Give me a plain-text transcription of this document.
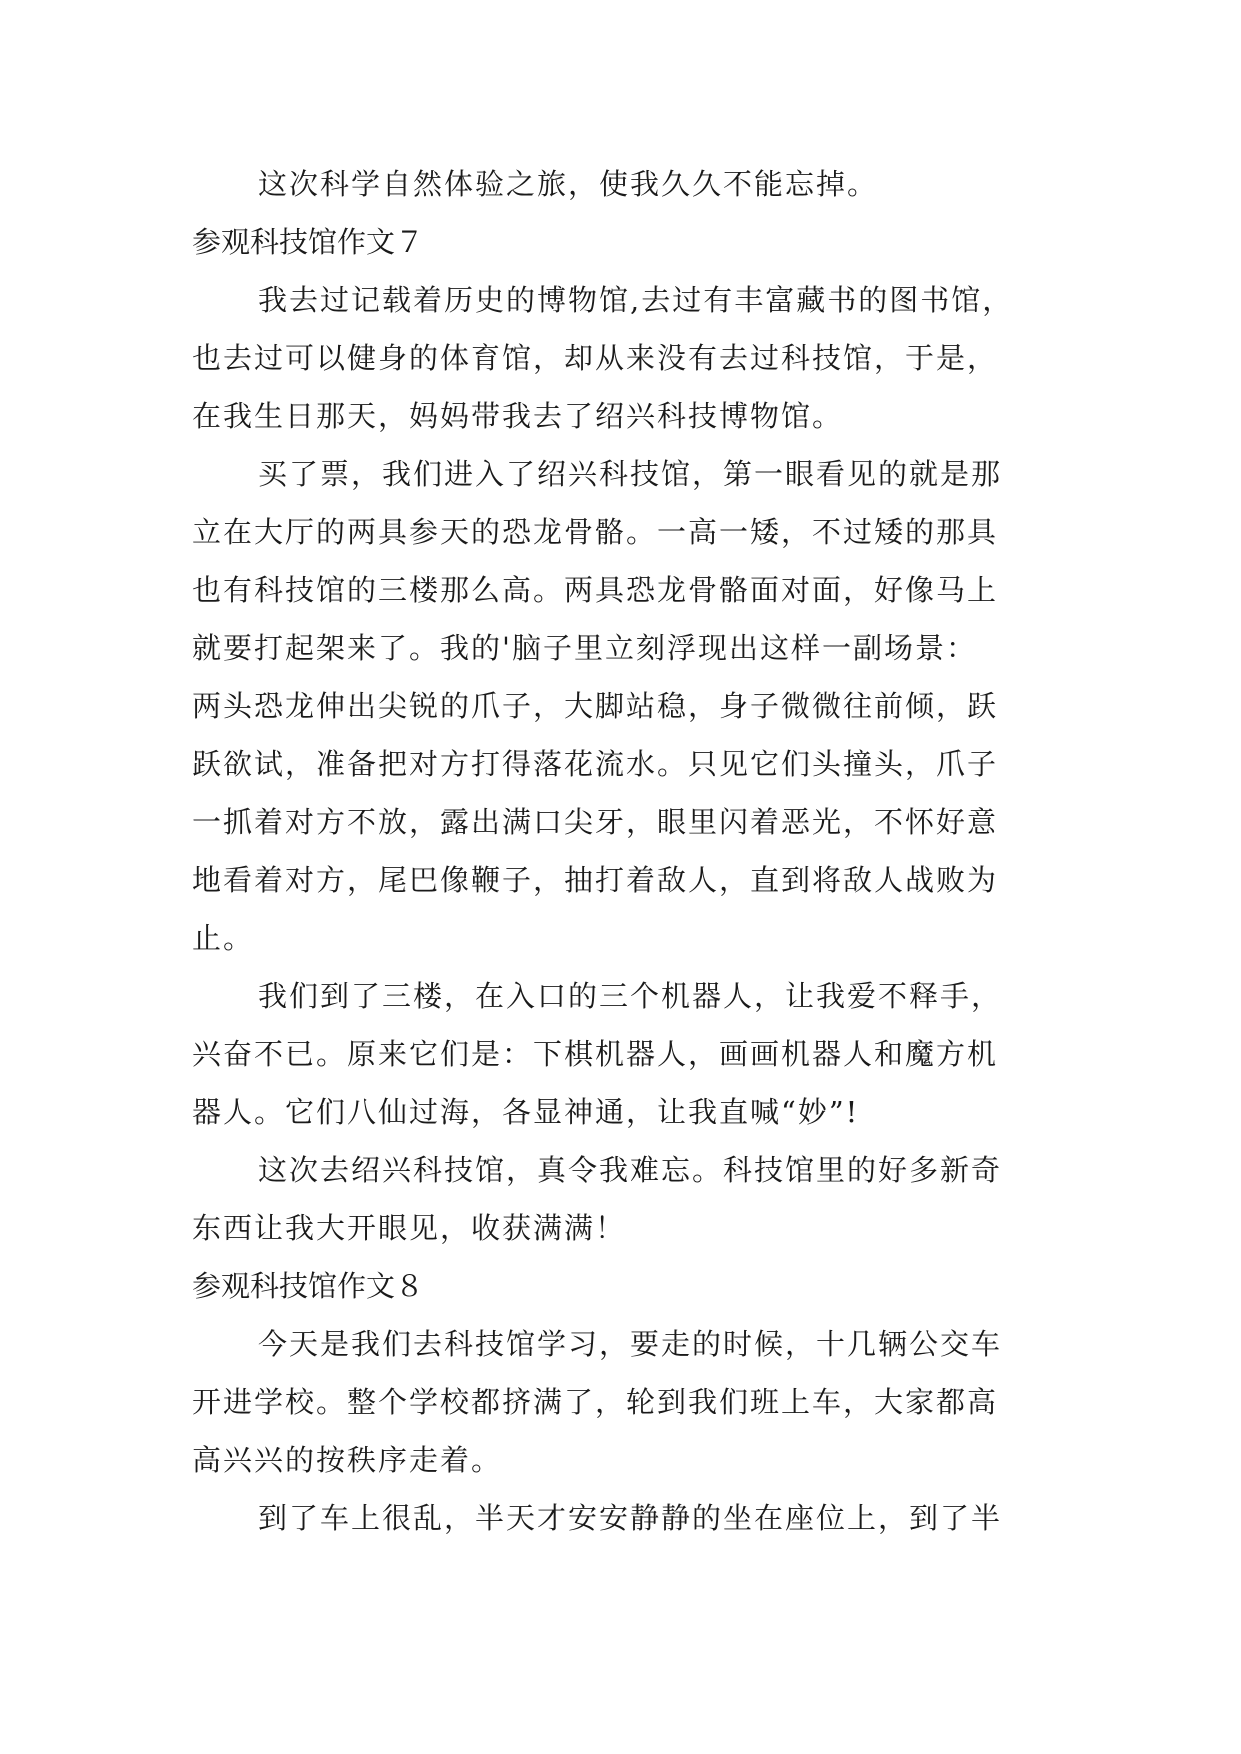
这次科学自然体验之旅，使我久久不能忘掉。
参观科技馆作文７
我去过记载着历史的博物馆,去过有丰富藏书的图书馆，
也去过可以健身的体育馆，却从来没有去过科技馆，于是，
在我生日那天，妈妈带我去了绍兴科技博物馆。
买了票，我们进入了绍兴科技馆，第一眼看见的就是那
立在大厅的两具参天的恐龙骨骼。一高一矮，不过矮的那具
也有科技馆的三楼那么高。两具恐龙骨骼面对面，好像马上
就要打起架来了。我的'脑子里立刻浮现出这样一副场景：
两头恐龙伸出尖锐的爪子，大脚站稳，身子微微往前倾，跃
跃欲试，准备把对方打得落花流水。只见它们头撞头，爪子
一抓着对方不放，露出满口尖牙，眼里闪着恶光，不怀好意
地看着对方，尾巴像鞭子，抽打着敌人，直到将敌人战败为
止。
我们到了三楼，在入口的三个机器人，让我爱不释手，
兴奋不已。原来它们是：下棋机器人，画画机器人和魔方机
器人。它们八仙过海，各显神通，让我直喊“妙”!
这次去绍兴科技馆，真令我难忘。科技馆里的好多新奇
东西让我大开眼见，收获满满！
参观科技馆作文８
今天是我们去科技馆学习，要走的时候，十几辆公交车
开进学校。整个学校都挤满了，轮到我们班上车，大家都高
高兴兴的按秩序走着。
到了车上很乱，半天才安安静静的坐在座位上，到了半
